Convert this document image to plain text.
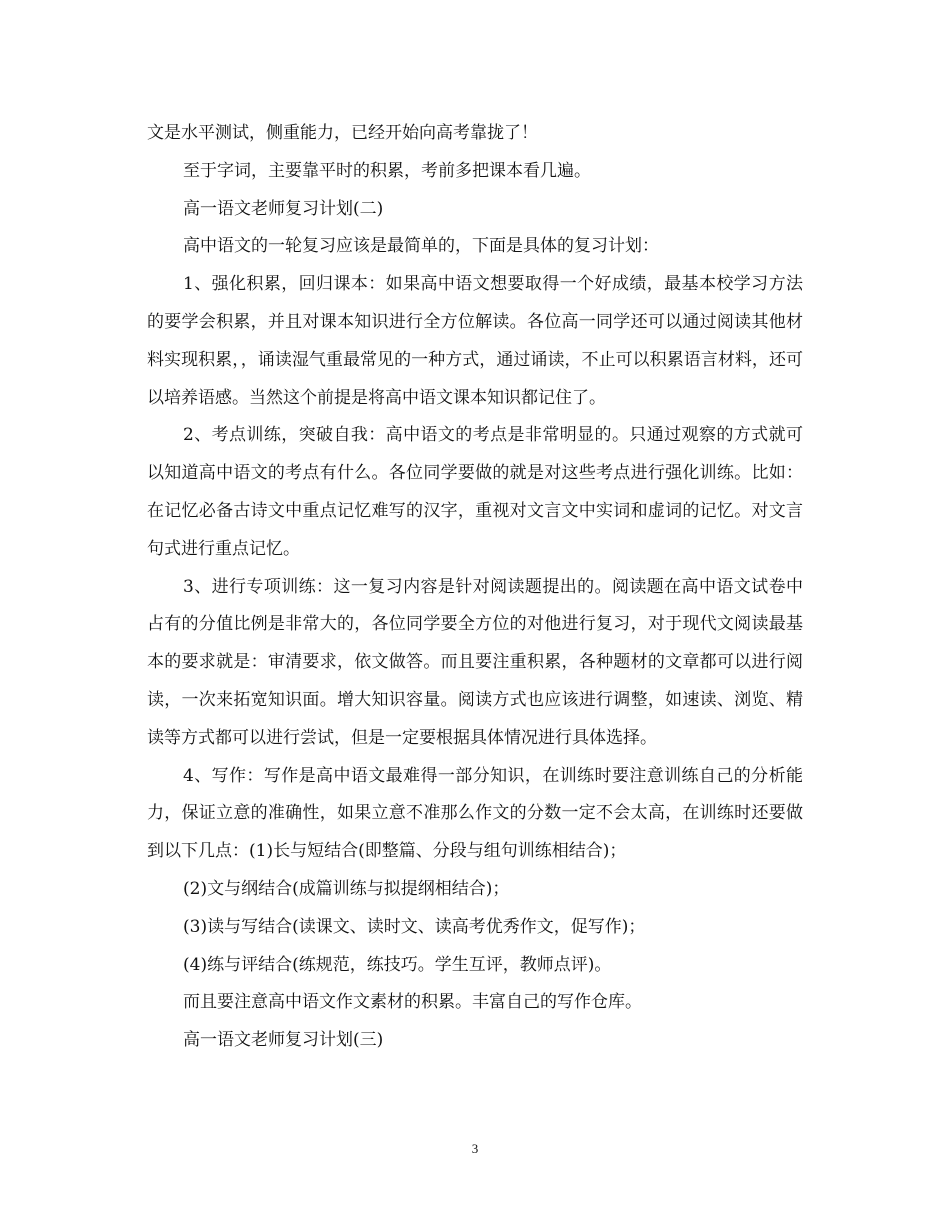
文是水平测试，侧重能力，已经开始向高考靠拢了！

至于字词，主要靠平时的积累，考前多把课本看几遍。

高一语文老师复习计划(二)

高中语文的一轮复习应该是最简单的，下面是具体的复习计划：

1、强化积累，回归课本：如果高中语文想要取得一个好成绩，最基本校学习方法的要学会积累，并且对课本知识进行全方位解读。各位高一同学还可以通过阅读其他材料实现积累，，诵读湿气重最常见的一种方式，通过诵读，不止可以积累语言材料，还可以培养语感。当然这个前提是将高中语文课本知识都记住了。

2、考点训练，突破自我：高中语文的考点是非常明显的。只通过观察的方式就可以知道高中语文的考点有什么。各位同学要做的就是对这些考点进行强化训练。比如：在记忆必备古诗文中重点记忆难写的汉字，重视对文言文中实词和虚词的记忆。对文言句式进行重点记忆。

3、进行专项训练：这一复习内容是针对阅读题提出的。阅读题在高中语文试卷中占有的分值比例是非常大的，各位同学要全方位的对他进行复习，对于现代文阅读最基本的要求就是：审清要求，依文做答。而且要注重积累，各种题材的文章都可以进行阅读，一次来拓宽知识面。增大知识容量。阅读方式也应该进行调整，如速读、浏览、精读等方式都可以进行尝试，但是一定要根据具体情况进行具体选择。

4、写作：写作是高中语文最难得一部分知识，在训练时要注意训练自己的分析能力，保证立意的准确性，如果立意不准那么作文的分数一定不会太高，在训练时还要做到以下几点：(1)长与短结合(即整篇、分段与组句训练相结合)；

(2)文与纲结合(成篇训练与拟提纲相结合)；

(3)读与写结合(读课文、读时文、读高考优秀作文，促写作)；

(4)练与评结合(练规范，练技巧。学生互评，教师点评)。

而且要注意高中语文作文素材的积累。丰富自己的写作仓库。

高一语文老师复习计划(三)

3
